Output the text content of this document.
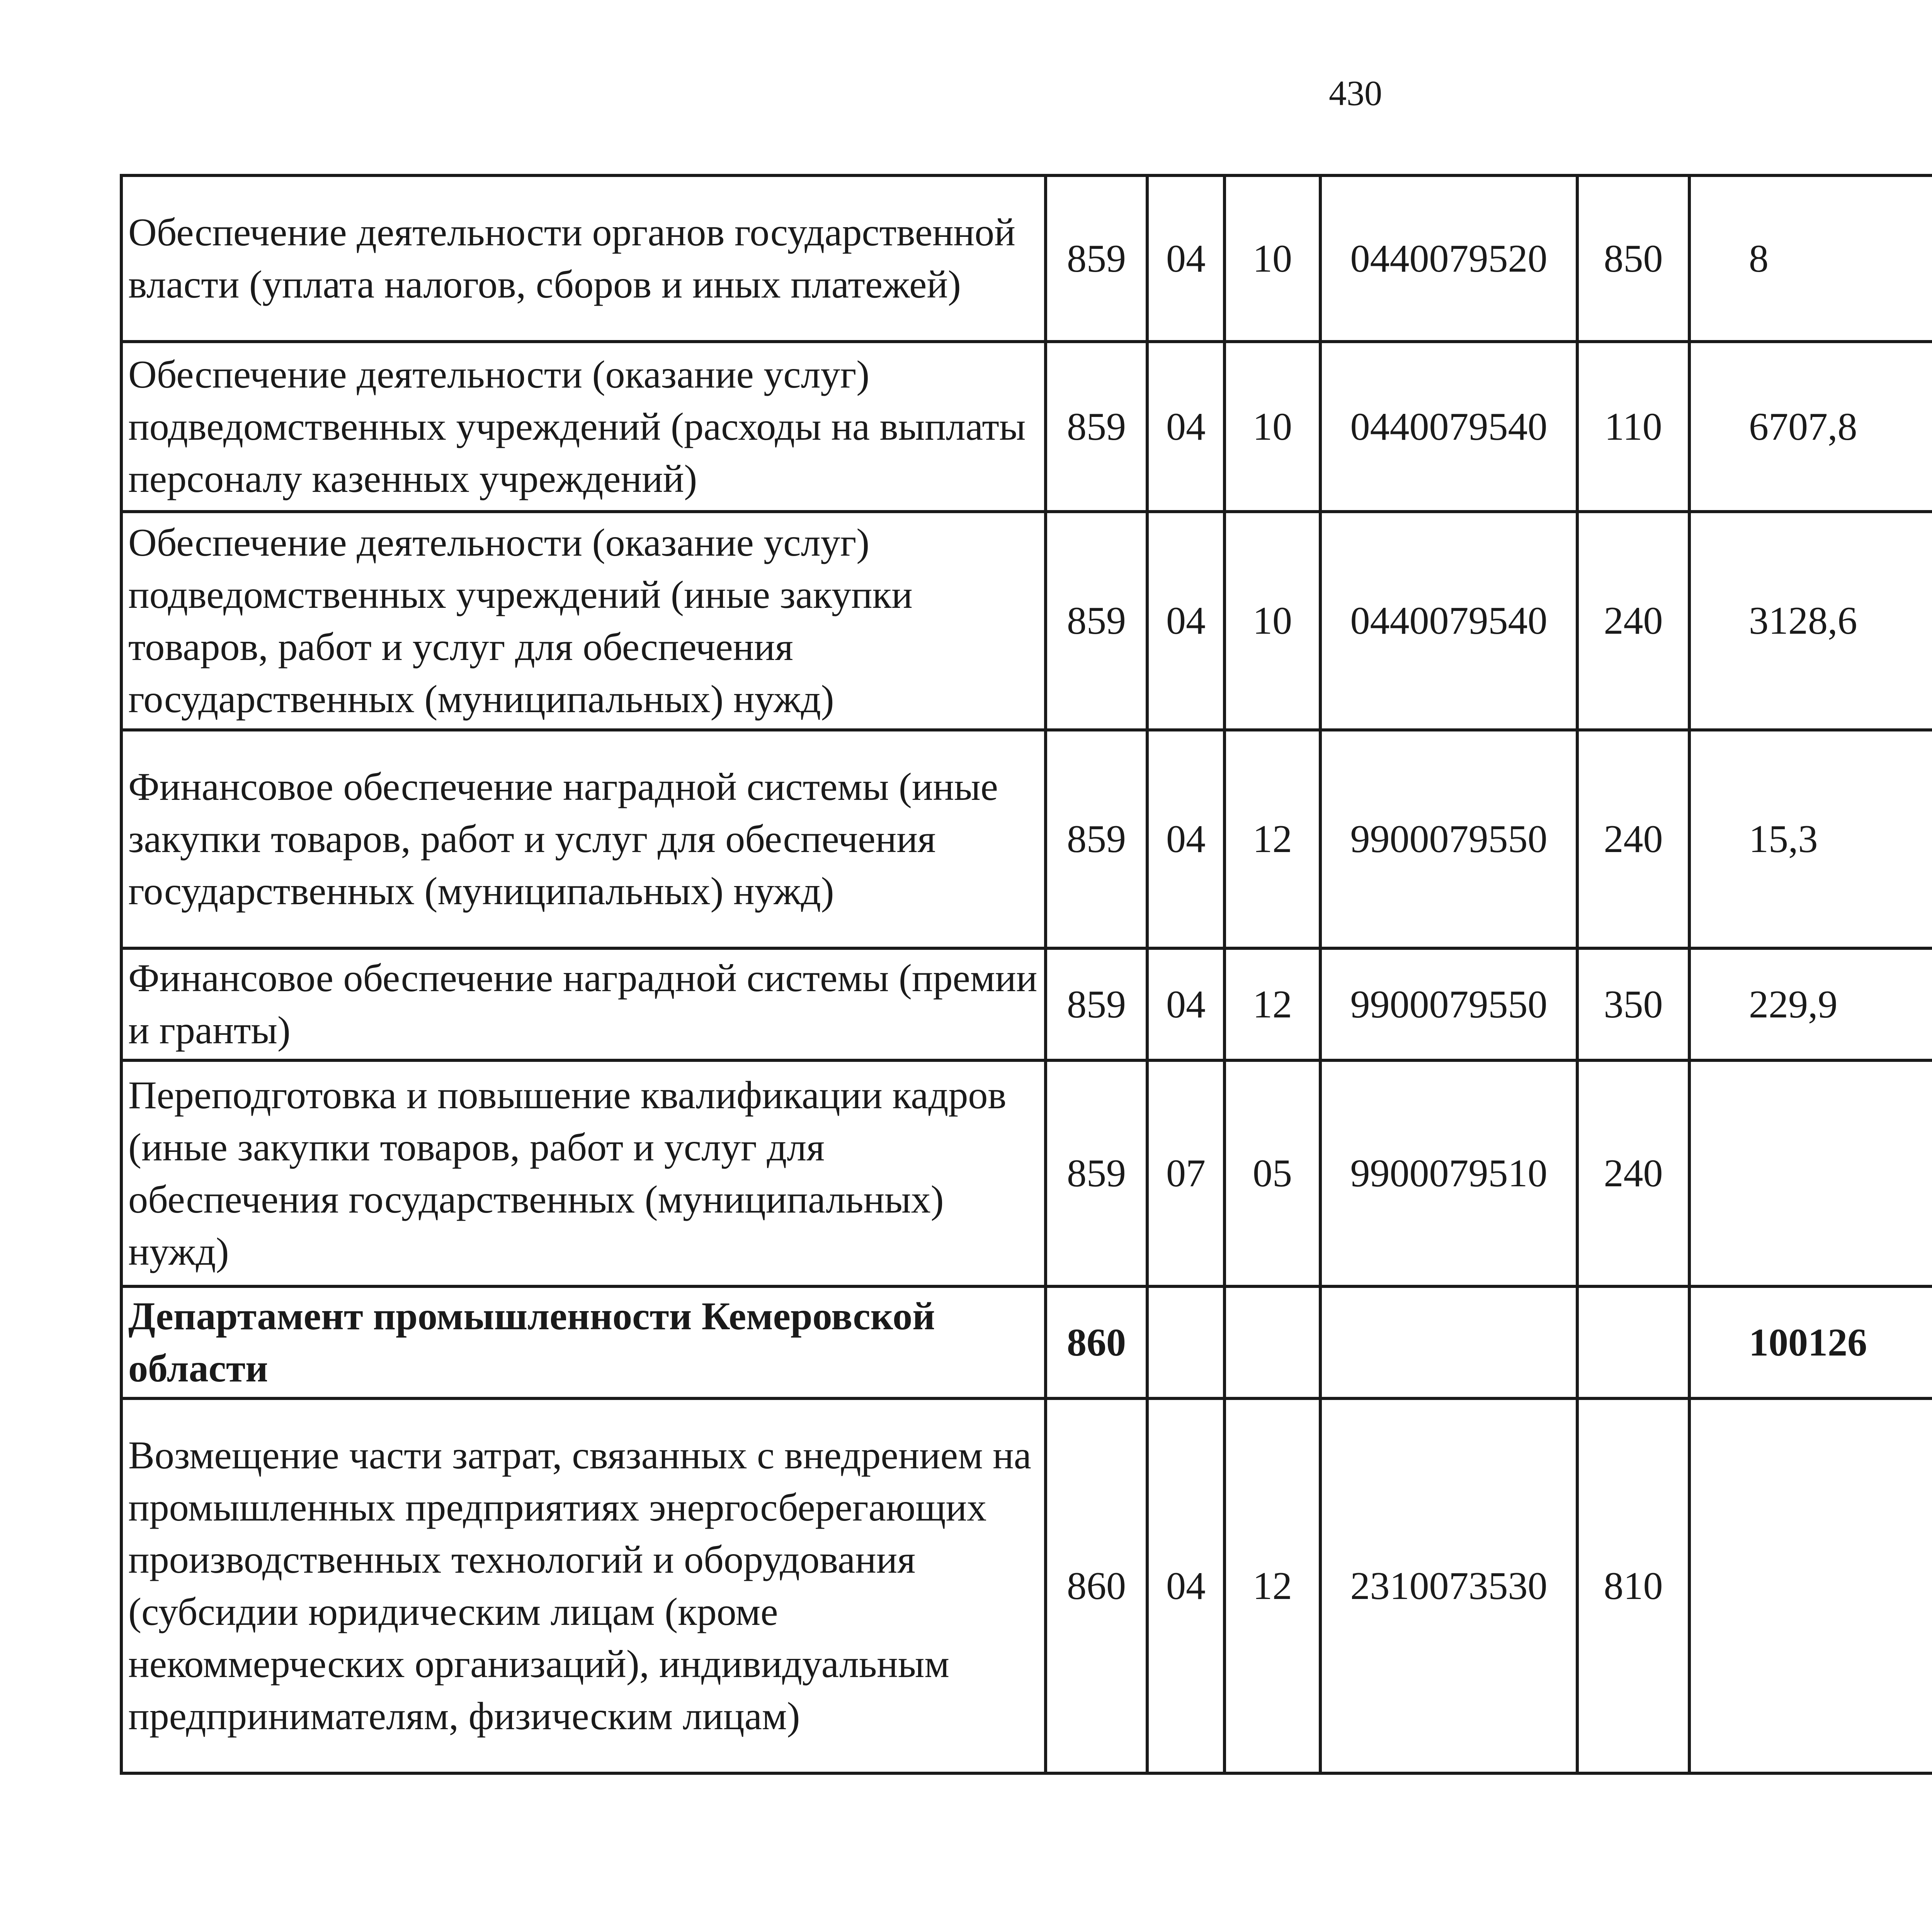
430
Обеспечение деятельности органов государственной власти (уплата налогов, сборов и иных платежей)	859	04	10	0440079520	850	8		
Обеспечение деятельности (оказание услуг) подведомственных учреждений (расходы на выплаты персоналу казенных учреждений)	859	04	10	0440079540	110	6707,8		
Обеспечение деятельности (оказание услуг) подведомственных учреждений (иные закупки товаров, работ и услуг для обеспечения государственных (муниципальных) нужд)	859	04	10	0440079540	240	3128,6		
Финансовое обеспечение наградной системы (иные закупки товаров, работ и услуг для обеспечения государственных (муниципальных) нужд)	859	04	12	9900079550	240	15,3		
Финансовое обеспечение наградной системы (премии и гранты)	859	04	12	9900079550	350	229,9		
Переподготовка и повышение квалификации кадров (иные закупки товаров, работ и услуг для обеспечения государственных (муниципальных) нужд)	859	07	05	9900079510	240			
Департамент промышленности Кемеровской области	860					100126		
Возмещение части затрат, связанных с внедрением на промышленных предприятиях энергосберегающих производственных технологий и оборудования (субсидии юридическим лицам (кроме некоммерческих организаций), индивидуальным предпринимателям, физическим лицам)	860	04	12	2310073530	810			
